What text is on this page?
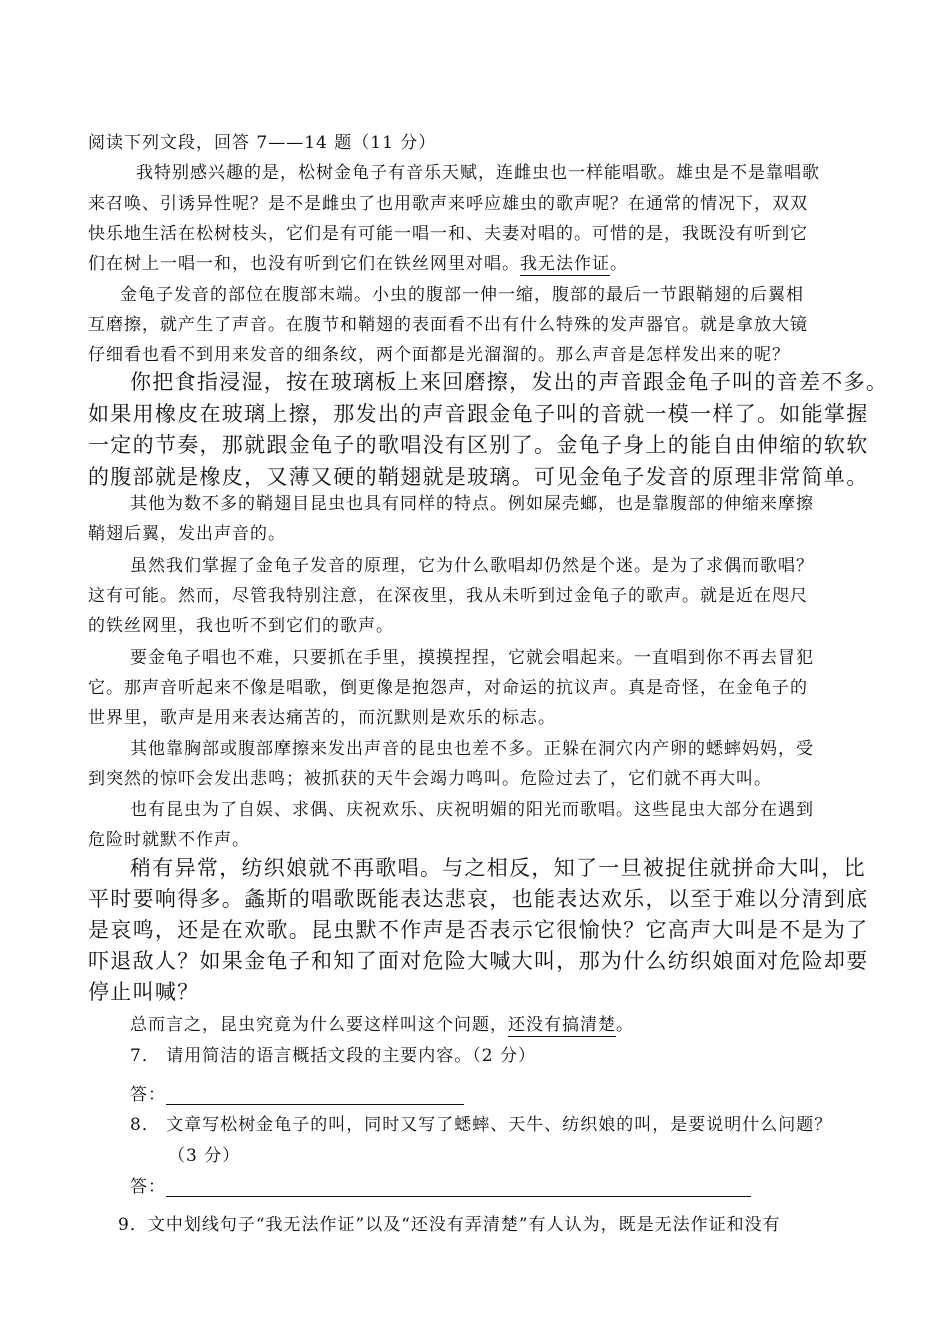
阅读下列文段，回答 7——14 题（11 分）
我特别感兴趣的是，松树金龟子有音乐天赋，连雌虫也一样能唱歌。雄虫是不是靠唱歌
来召唤、引诱异性呢？是不是雌虫了也用歌声来呼应雄虫的歌声呢？在通常的情况下，双双
快乐地生活在松树枝头，它们是有可能一唱一和、夫妻对唱的。可惜的是，我既没有听到它
们在树上一唱一和，也没有听到它们在铁丝网里对唱。我无法作证。
金龟子发音的部位在腹部末端。小虫的腹部一伸一缩，腹部的最后一节跟鞘翅的后翼相
互磨擦，就产生了声音。在腹节和鞘翅的表面看不出有什么特殊的发声器官。就是拿放大镜
仔细看也看不到用来发音的细条纹，两个面都是光溜溜的。那么声音是怎样发出来的呢？
你把食指浸湿，按在玻璃板上来回磨擦，发出的声音跟金龟子叫的音差不多。
如果用橡皮在玻璃上擦，那发出的声音跟金龟子叫的音就一模一样了。如能掌握
一定的节奏，那就跟金龟子的歌唱没有区别了。金龟子身上的能自由伸缩的软软
的腹部就是橡皮，又薄又硬的鞘翅就是玻璃。可见金龟子发音的原理非常简单。
其他为数不多的鞘翅目昆虫也具有同样的特点。例如屎壳螂，也是靠腹部的伸缩来摩擦
鞘翅后翼，发出声音的。
虽然我们掌握了金龟子发音的原理，它为什么歌唱却仍然是个迷。是为了求偶而歌唱？
这有可能。然而，尽管我特别注意，在深夜里，我从未听到过金龟子的歌声。就是近在咫尺
的铁丝网里，我也听不到它们的歌声。
要金龟子唱也不难，只要抓在手里，摸摸捏捏，它就会唱起来。一直唱到你不再去冒犯
它。那声音听起来不像是唱歌，倒更像是抱怨声，对命运的抗议声。真是奇怪，在金龟子的
世界里，歌声是用来表达痛苦的，而沉默则是欢乐的标志。
其他靠胸部或腹部摩擦来发出声音的昆虫也差不多。正躲在洞穴内产卵的蟋蟀妈妈，受
到突然的惊吓会发出悲鸣；被抓获的天牛会竭力鸣叫。危险过去了，它们就不再大叫。
也有昆虫为了自娱、求偶、庆祝欢乐、庆祝明媚的阳光而歌唱。这些昆虫大部分在遇到
危险时就默不作声。
稍有异常，纺织娘就不再歌唱。与之相反，知了一旦被捉住就拼命大叫，比
平时要响得多。螽斯的唱歌既能表达悲哀，也能表达欢乐，以至于难以分清到底
是哀鸣，还是在欢歌。昆虫默不作声是否表示它很愉快？它高声大叫是不是为了
吓退敌人？如果金龟子和知了面对危险大喊大叫，那为什么纺织娘面对危险却要
停止叫喊？
总而言之，昆虫究竟为什么要这样叫这个问题，还没有搞清楚。
7． 请用简洁的语言概括文段的主要内容。（2 分）
答：
8． 文章写松树金龟子的叫，同时又写了蟋蟀、天牛、纺织娘的叫，是要说明什么问题？
（3 分）
答：
9．文中划线句子“我无法作证”以及“还没有弄清楚”有人认为，既是无法作证和没有
